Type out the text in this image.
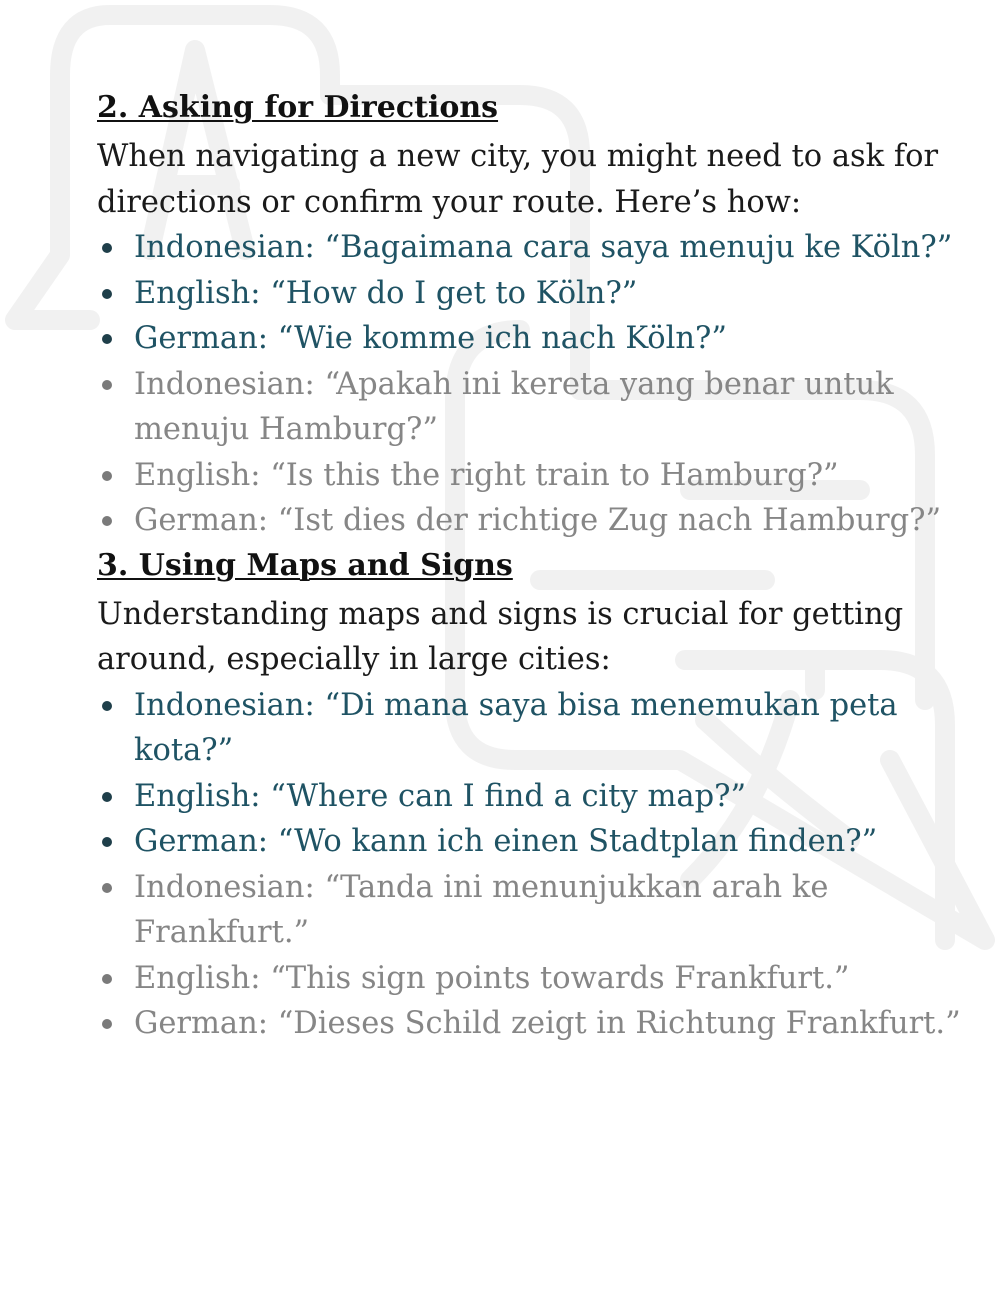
2. Asking for Directions

When navigating a new city, you might need to ask for directions or confirm your route. Here’s how:

Indonesian: “Bagaimana cara saya menuju ke Köln?”
English: “How do I get to Köln?”
German: “Wie komme ich nach Köln?”
Indonesian: “Apakah ini kereta yang benar untuk menuju Hamburg?”
English: “Is this the right train to Hamburg?”
German: “Ist dies der richtige Zug nach Hamburg?”
3. Using Maps and Signs

Understanding maps and signs is crucial for getting around, especially in large cities:

Indonesian: “Di mana saya bisa menemukan peta kota?”
English: “Where can I find a city map?”
German: “Wo kann ich einen Stadtplan finden?”
Indonesian: “Tanda ini menunjukkan arah ke Frankfurt.”
English: “This sign points towards Frankfurt.”
German: “Dieses Schild zeigt in Richtung Frankfurt.”
